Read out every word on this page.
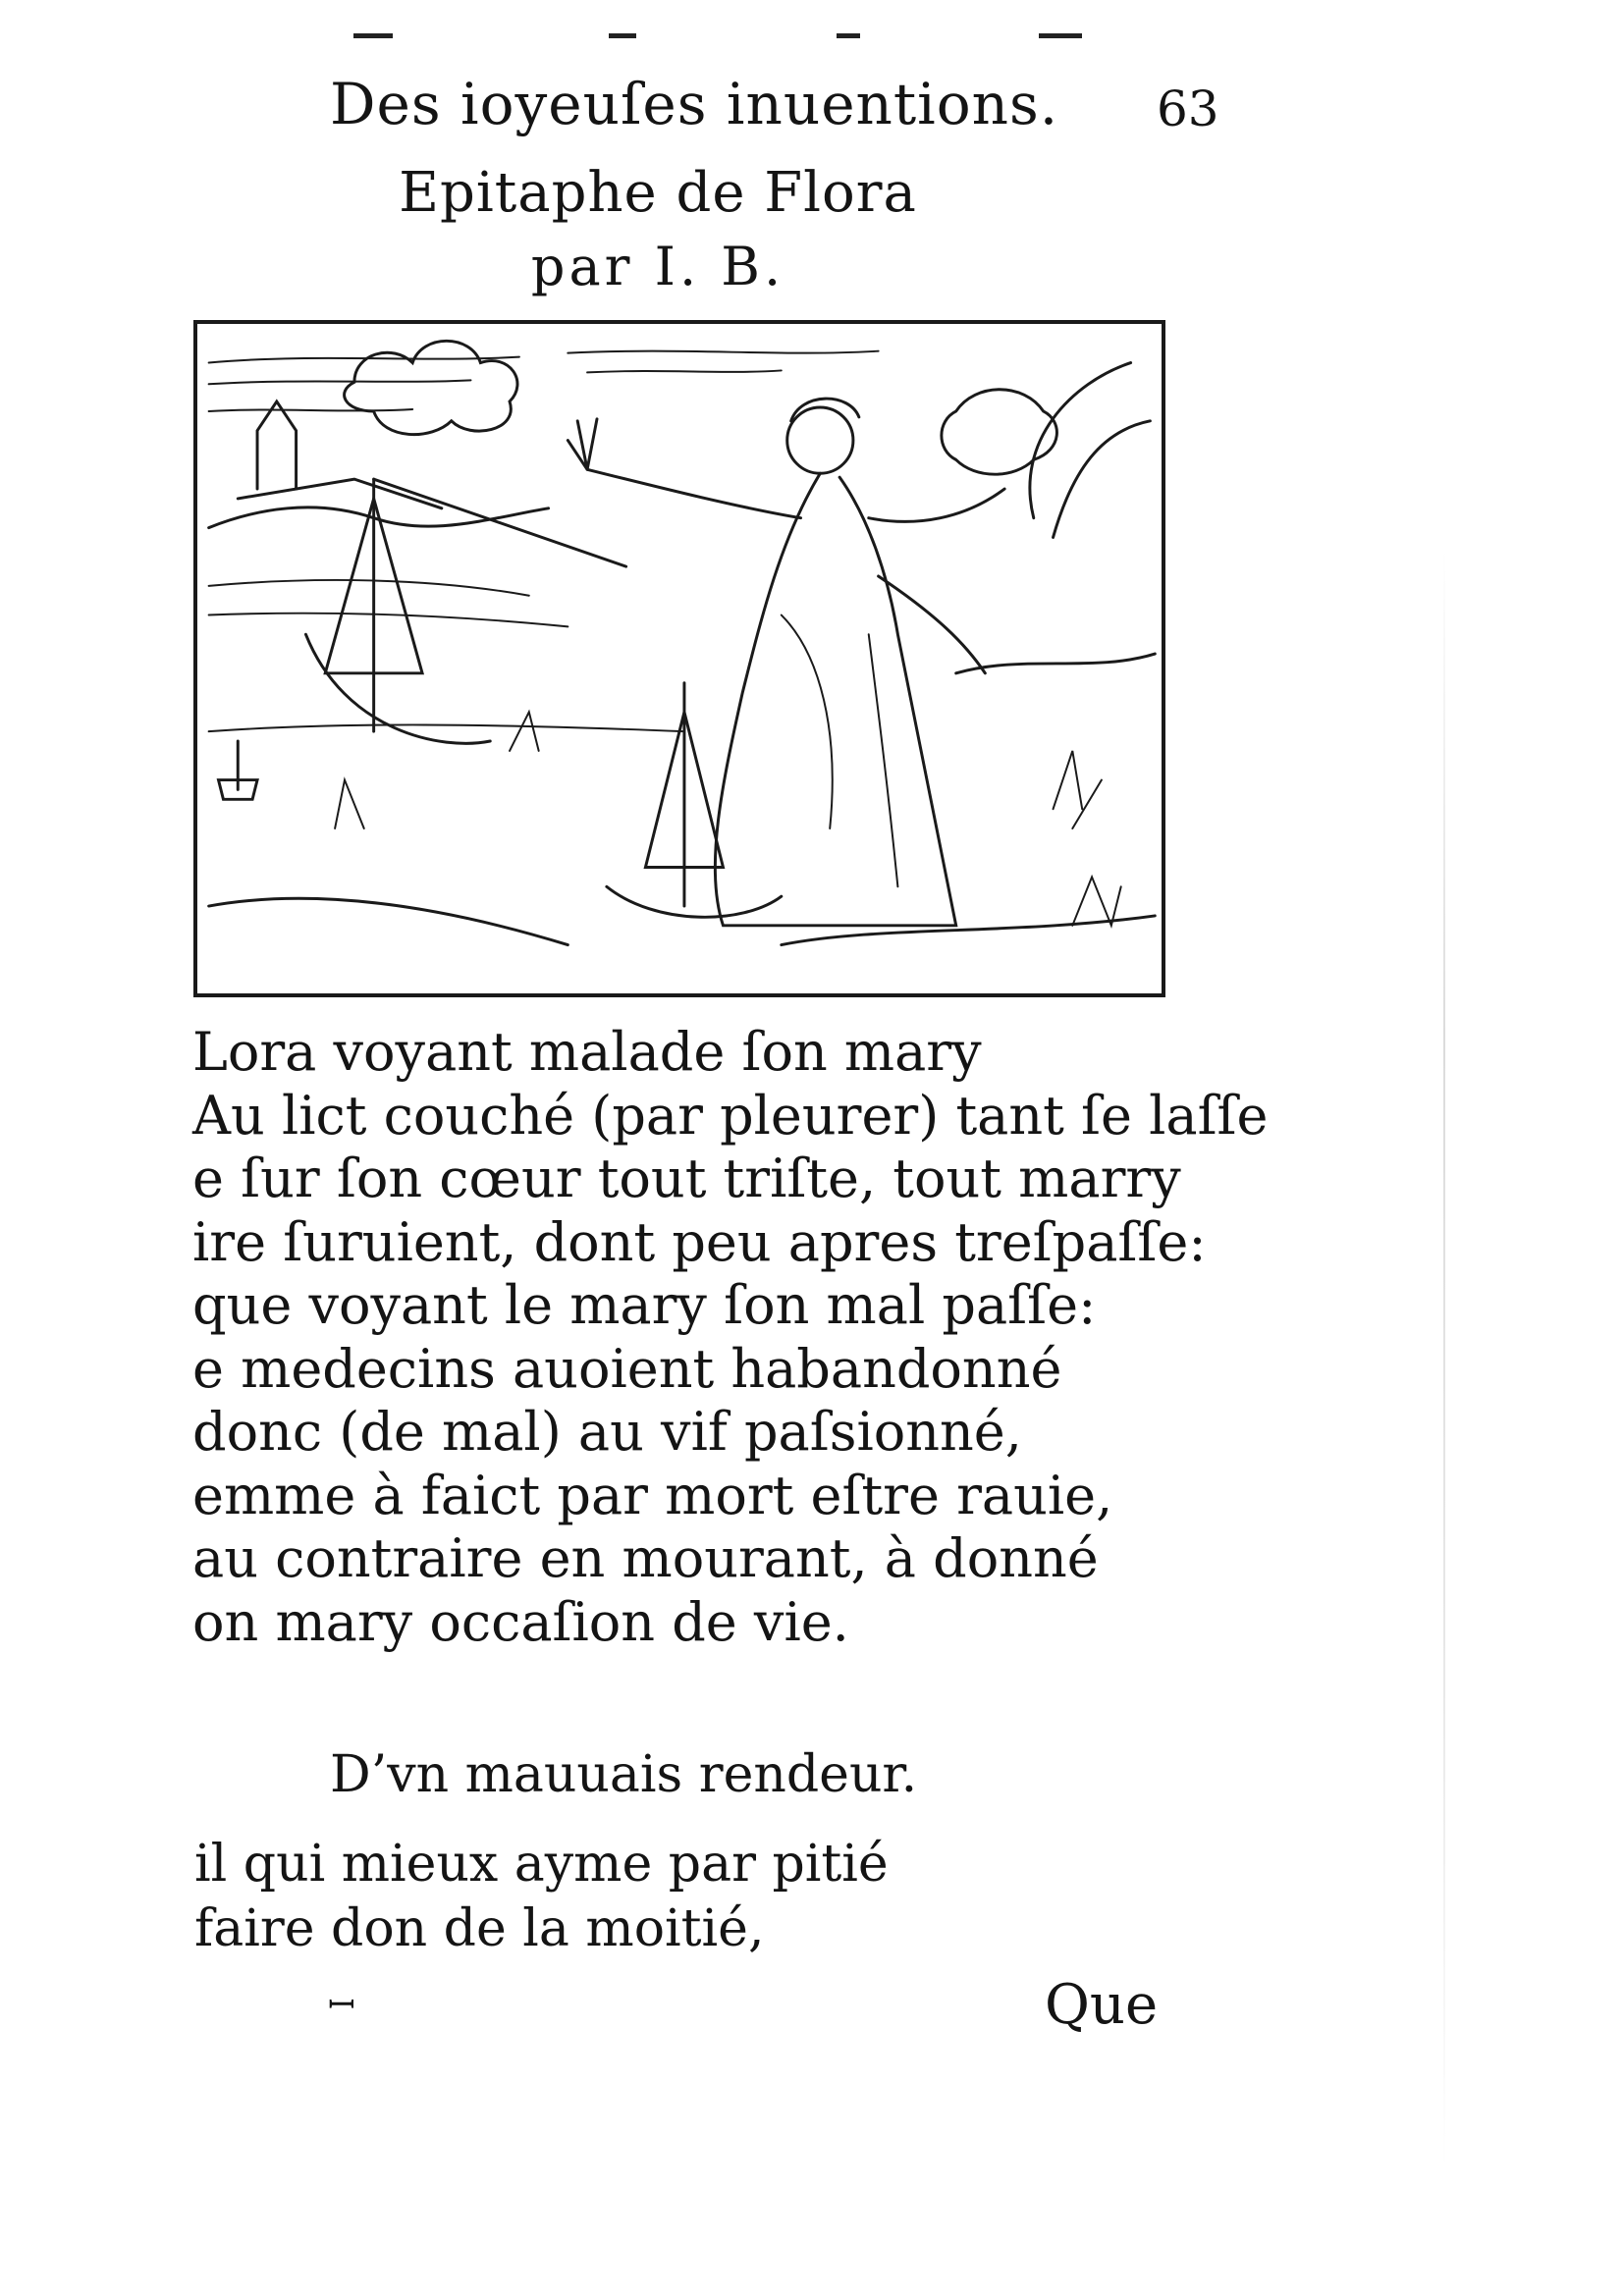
Des ioyeuſes inuentions. 63
Epitaphe de Flora
par I. B.
Lora voyant malade ſon mary
Au lict couché (par pleurer) tant ſe laſſe
e ſur ſon cœur tout triſte, tout marry
ire ſuruient, dont peu apres treſpaſſe:
que voyant le mary ſon mal paſſe:
e medecins auoient habandonné
donc (de mal) au vif paſsionné,
emme à faict par mort eſtre rauie,
au contraire en mourant, à donné
on mary occaſion de vie.
D’vn mauuais rendeur.
il qui mieux ayme par pitié
faire don de la moitié,
ꟷ	Que
